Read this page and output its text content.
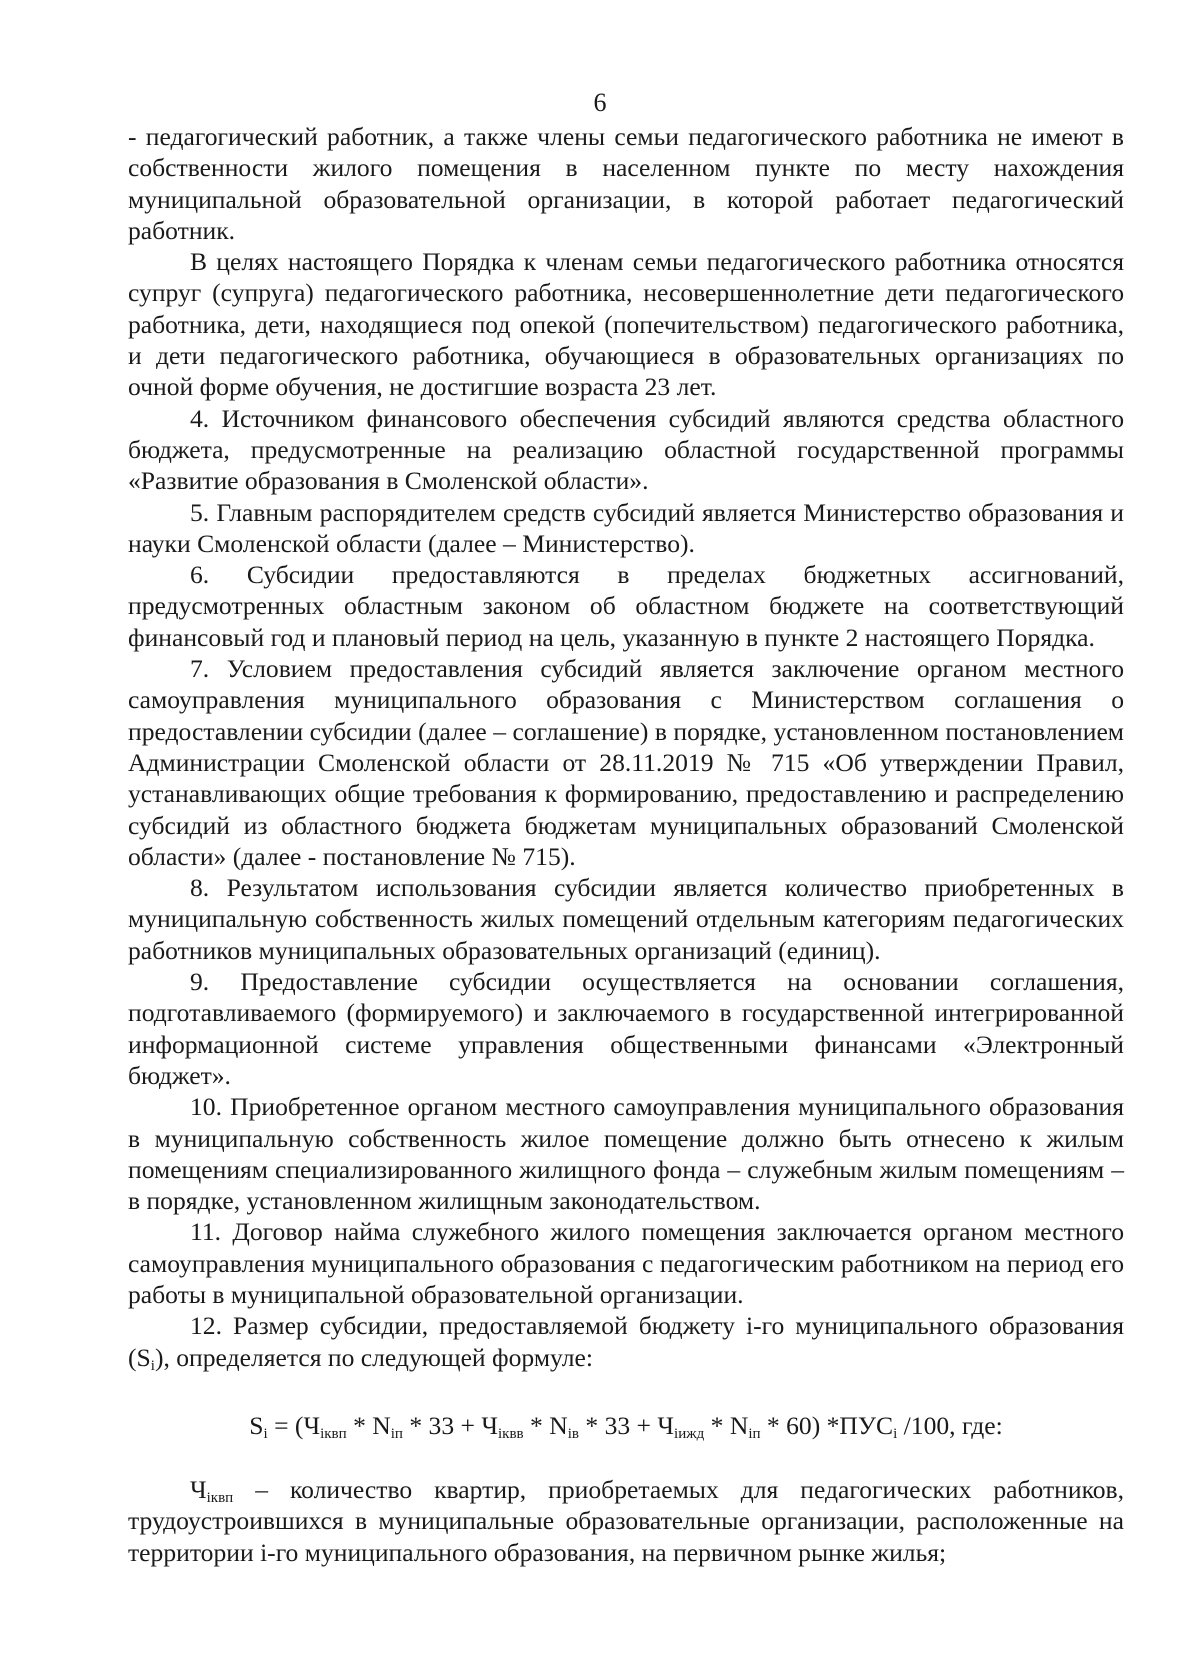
6

- педагогический работник, а также члены семьи педагогического работника не имеют в собственности жилого помещения в населенном пункте по месту нахождения муниципальной образовательной организации, в которой работает педагогический работник.

В целях настоящего Порядка к членам семьи педагогического работника относятся супруг (супруга) педагогического работника, несовершеннолетние дети педагогического работника, дети, находящиеся под опекой (попечительством) педагогического работника, и дети педагогического работника, обучающиеся в образовательных организациях по очной форме обучения, не достигшие возраста 23 лет.

4. Источником финансового обеспечения субсидий являются средства областного бюджета, предусмотренные на реализацию областной государственной программы «Развитие образования в Смоленской области».

5. Главным распорядителем средств субсидий является Министерство образования и науки Смоленской области (далее – Министерство).

6. Субсидии предоставляются в пределах бюджетных ассигнований, предусмотренных областным законом об областном бюджете на соответствующий финансовый год и плановый период на цель, указанную в пункте 2 настоящего Порядка.

7. Условием предоставления субсидий является заключение органом местного самоуправления муниципального образования с Министерством соглашения о предоставлении субсидии (далее – соглашение) в порядке, установленном постановлением Администрации Смоленской области от 28.11.2019 № 715 «Об утверждении Правил, устанавливающих общие требования к формированию, предоставлению и распределению субсидий из областного бюджета бюджетам муниципальных образований Смоленской области» (далее - постановление № 715).

8. Результатом использования субсидии является количество приобретенных в муниципальную собственность жилых помещений отдельным категориям педагогических работников муниципальных образовательных организаций (единиц).

9. Предоставление субсидии осуществляется на основании соглашения, подготавливаемого (формируемого) и заключаемого в государственной интегрированной информационной системе управления общественными финансами «Электронный бюджет».

10. Приобретенное органом местного самоуправления муниципального образования в муниципальную собственность жилое помещение должно быть отнесено к жилым помещениям специализированного жилищного фонда – служебным жилым помещениям – в порядке, установленном жилищным законодательством.

11. Договор найма служебного жилого помещения заключается органом местного самоуправления муниципального образования с педагогическим работником на период его работы в муниципальной образовательной организации.

12. Размер субсидии, предоставляемой бюджету i-го муниципального образования $(S_i)$, определяется по следующей формуле:

$S_i = (Ч_{iквп} * N_{iп} * 33 + Ч_{iквв} * N_{iв} * 33 + Ч_{iижд} * N_{iп} * 60)$ $*ПУС_i$ /100, где:

$Ч_{iквп}$ – количество квартир, приобретаемых для педагогических работников, трудоустроившихся в муниципальные образовательные организации, расположенные на территории i-го муниципального образования, на первичном рынке жилья;
